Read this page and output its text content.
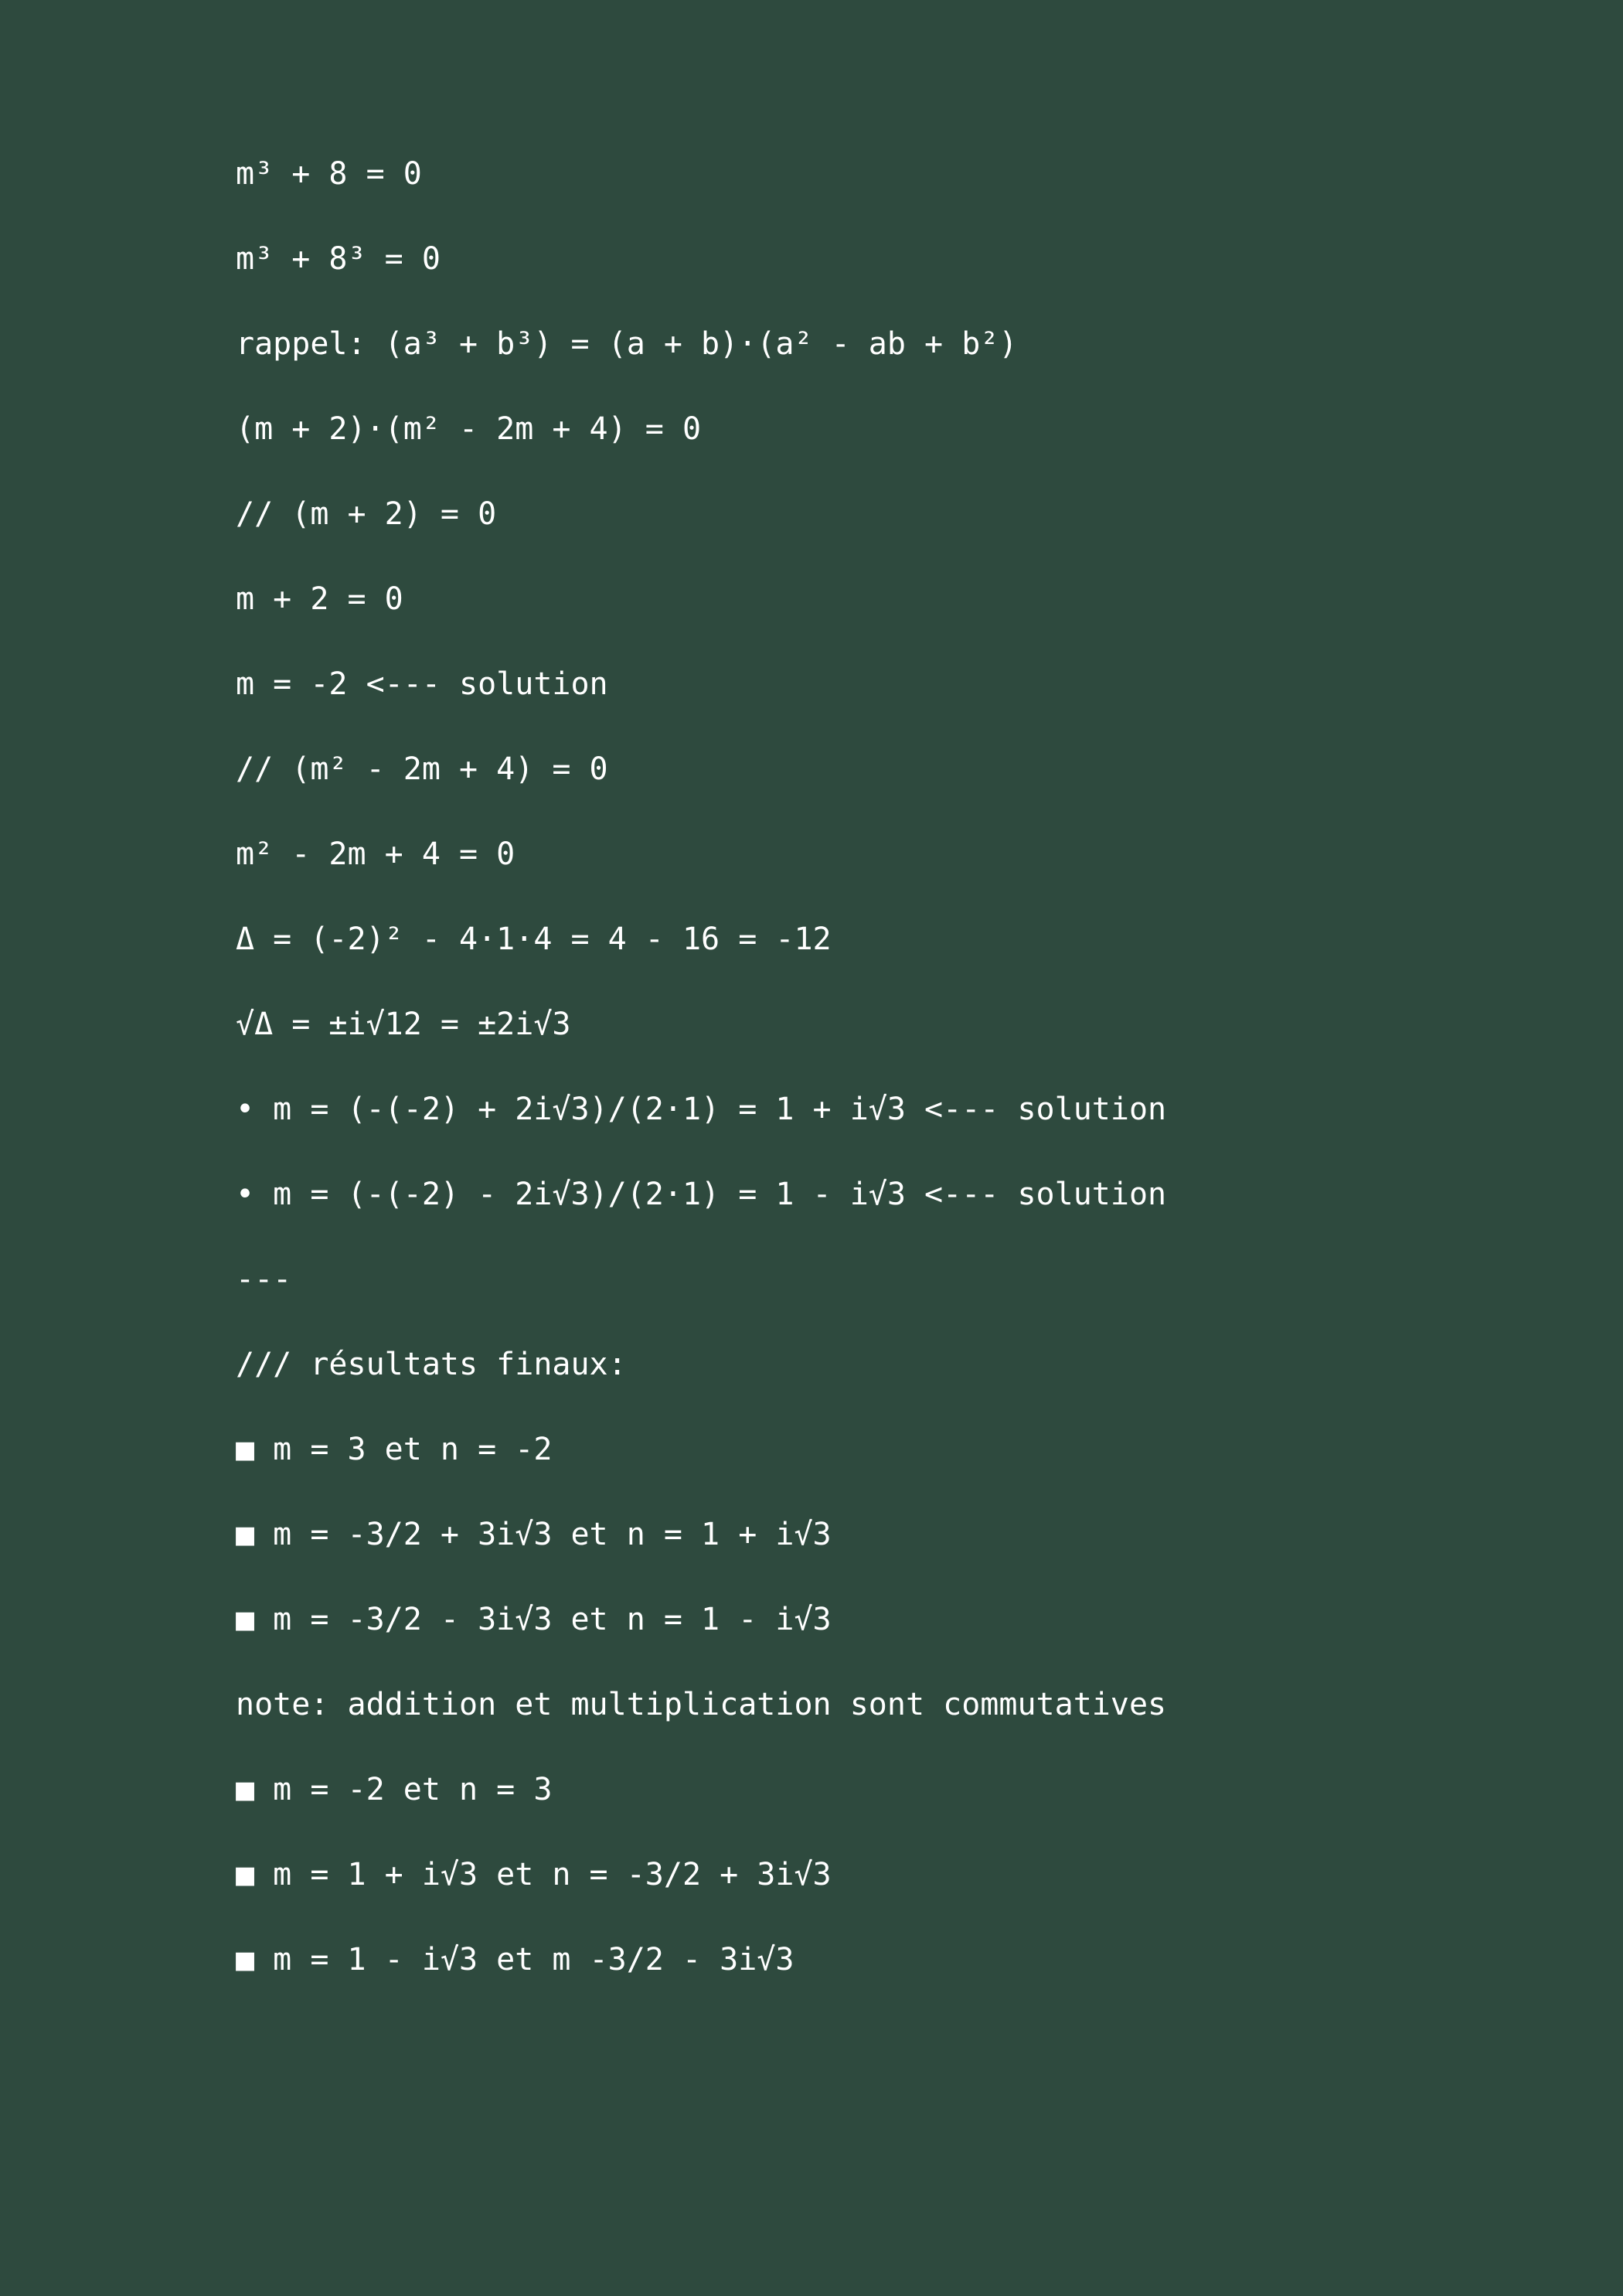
m³ + 8 = 0
m³ + 8³ = 0
rappel: (a³ + b³) = (a + b)·(a² - ab + b²)
(m + 2)·(m² - 2m + 4) = 0
// (m + 2) = 0
m + 2 = 0
m = -2 <--- solution
// (m² - 2m + 4) = 0
m² - 2m + 4 = 0
Δ = (-2)² - 4·1·4 = 4 - 16 = -12
√Δ = ±i√12 = ±2i√3
• m = (-(-2) + 2i√3)/(2·1) = 1 + i√3 <--- solution
• m = (-(-2) - 2i√3)/(2·1) = 1 - i√3 <--- solution
---
/// résultats finaux:
■ m = 3 et n = -2
■ m = -3/2 + 3i√3 et n = 1 + i√3
■ m = -3/2 - 3i√3 et n = 1 - i√3
note: addition et multiplication sont commutatives
■ m = -2 et n = 3
■ m = 1 + i√3 et n = -3/2 + 3i√3
■ m = 1 - i√3 et m -3/2 - 3i√3
